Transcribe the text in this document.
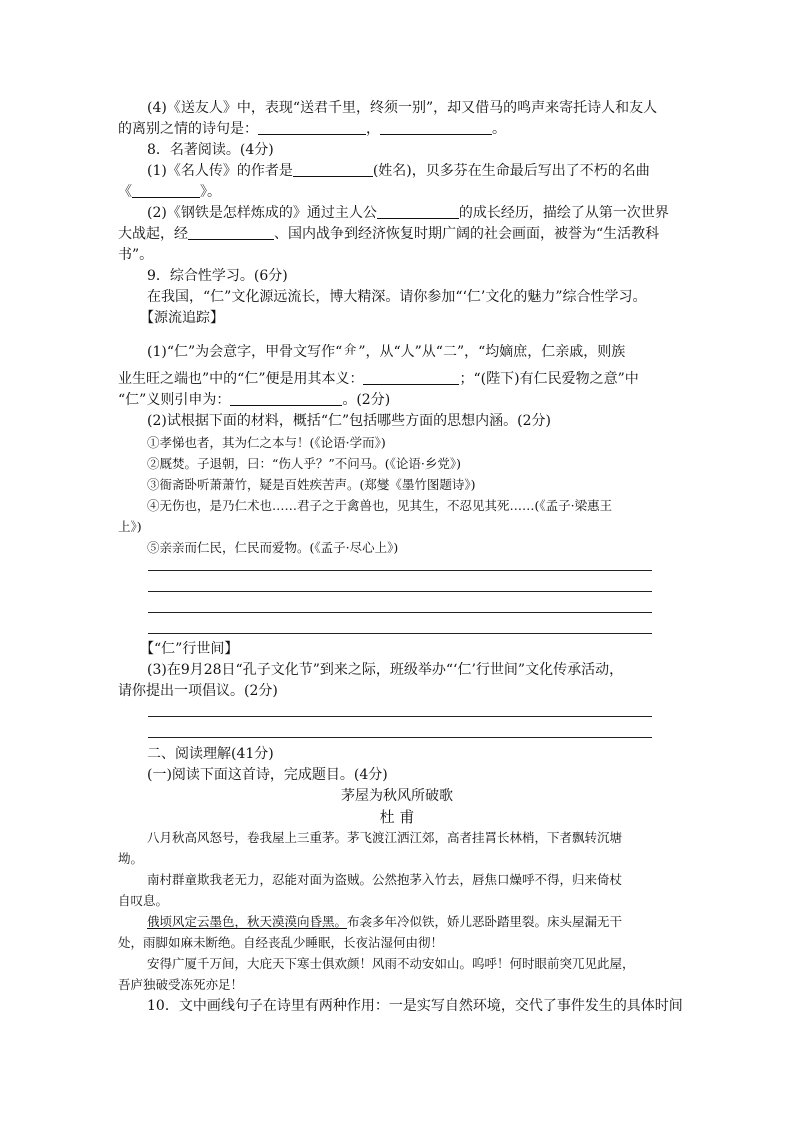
(4)《送友人》中，表现“送君千里，终须一别”，却又借马的鸣声来寄托诗人和友人
的离别之情的诗句是：	，	。
8．名著阅读。(4分)
(1)《名人传》的作者是	(姓名)，贝多芬在生命最后写出了不朽的名曲
《	》。
(2)《钢铁是怎样炼成的》通过主人公	的成长经历，描绘了从第一次世界
大战起，经	、国内战争到经济恢复时期广阔的社会画面，被誉为“生活教科
书”。
9．综合性学习。(6分)
在我国，“仁”文化源远流长，博大精深。请你参加“‘仁’文化的魅力”综合性学习。
【源流追踪】
(1)“仁”为会意字，甲骨文写作“𠇋 ”，从“人”从“二”，“均嫡庶，仁亲戚，则族
业生旺之端也”中的“仁”便是用其本义：	；“(陛下)有仁民爱物之意”中
“仁”义则引申为：	。(2分)
(2)试根据下面的材料，概括“仁”包括哪些方面的思想内涵。(2分)
①孝悌也者，其为仁之本与！(《论语·学而》)
②厩焚。子退朝，曰：“伤人乎？”不问马。(《论语·乡党》)
③衙斋卧听萧萧竹，疑是百姓疾苦声。(郑燮《墨竹图题诗》)
④无伤也，是乃仁术也……君子之于禽兽也，见其生，不忍见其死……(《孟子·梁惠王
上》)
⑤亲亲而仁民，仁民而爱物。(《孟子·尽心上》)
【“仁”行世间】
(3)在9月28日“孔子文化节”到来之际，班级举办“‘仁’行世间”文化传承活动，
请你提出一项倡议。(2分)
二、阅读理解(41分)
(一)阅读下面这首诗，完成题目。(4分)
茅屋为秋风所破歌
杜 甫
八月秋高风怒号，卷我屋上三重茅。茅飞渡江洒江郊，高者挂罥长林梢，下者飘转沉塘
坳。
南村群童欺我老无力，忍能对面为盗贼。公然抱茅入竹去，唇焦口燥呼不得，归来倚杖
自叹息。
俄顷风定云墨色，秋天漠漠向昏黑。布衾多年冷似铁，娇儿恶卧踏里裂。床头屋漏无干
处，雨脚如麻未断绝。自经丧乱少睡眠，长夜沾湿何由彻！
安得广厦千万间，大庇天下寒士俱欢颜！风雨不动安如山。呜呼！何时眼前突兀见此屋，
吾庐独破受冻死亦足！
10．文中画线句子在诗里有两种作用：一是实写自然环境，交代了事件发生的具体时间
